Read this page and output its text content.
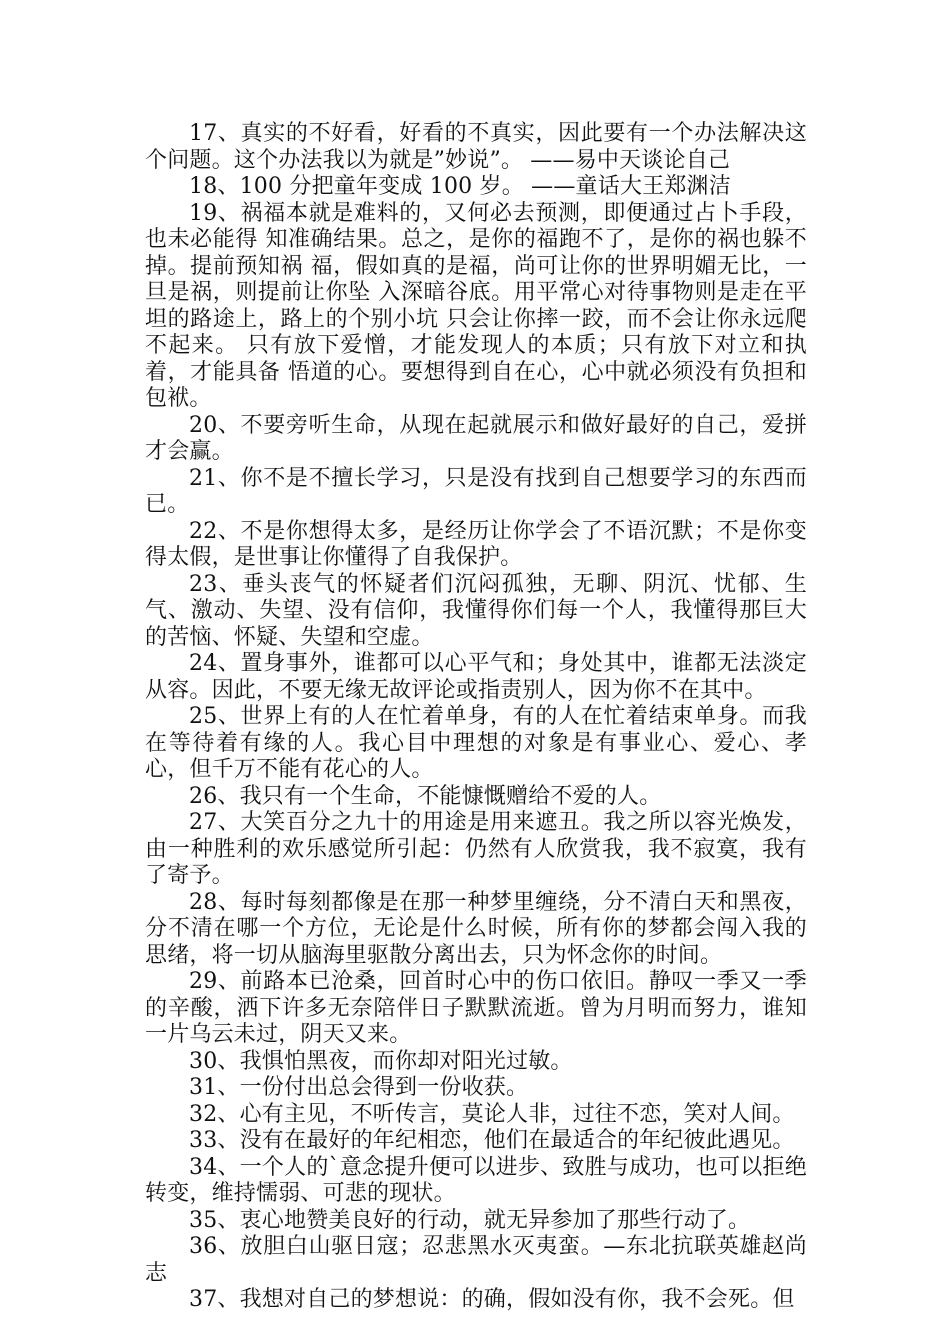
17、真实的不好看，好看的不真实，因此要有一个办法解决这个问题。这个办法我以为就是”妙说”。 ——易中天谈论自己

18、100 分把童年变成 100 岁。 ——童话大王郑渊洁

19、祸福本就是难料的，又何必去预测，即便通过占卜手段，也未必能得 知准确结果。总之，是你的福跑不了，是你的祸也躲不掉。提前预知祸 福，假如真的是福，尚可让你的世界明媚无比，一旦是祸，则提前让你坠 入深暗谷底。用平常心对待事物则是走在平坦的路途上，路上的个别小坑 只会让你摔一跤，而不会让你永远爬不起来。 只有放下爱憎，才能发现人的本质；只有放下对立和执着，才能具备 悟道的心。要想得到自在心，心中就必须没有负担和包袱。

20、不要旁听生命，从现在起就展示和做好最好的自己，爱拼才会赢。

21、你不是不擅长学习，只是没有找到自己想要学习的东西而已。

22、不是你想得太多，是经历让你学会了不语沉默；不是你变得太假，是世事让你懂得了自我保护。

23、垂头丧气的怀疑者们沉闷孤独，无聊、阴沉、忧郁、生气、激动、失望、没有信仰，我懂得你们每一个人，我懂得那巨大的苦恼、怀疑、失望和空虚。

24、置身事外，谁都可以心平气和；身处其中，谁都无法淡定从容。因此，不要无缘无故评论或指责别人，因为你不在其中。

25、世界上有的人在忙着单身，有的人在忙着结束单身。而我在等待着有缘的人。我心目中理想的对象是有事业心、爱心、孝心，但千万不能有花心的人。

26、我只有一个生命，不能慷慨赠给不爱的人。

27、大笑百分之九十的用途是用来遮丑。我之所以容光焕发，由一种胜利的欢乐感觉所引起：仍然有人欣赏我，我不寂寞，我有了寄予。

28、每时每刻都像是在那一种梦里缠绕，分不清白天和黑夜，分不清在哪一个方位，无论是什么时候，所有你的梦都会闯入我的思绪，将一切从脑海里驱散分离出去，只为怀念你的时间。

29、前路本已沧桑，回首时心中的伤口依旧。静叹一季又一季的辛酸，洒下许多无奈陪伴日子默默流逝。曾为月明而努力，谁知一片乌云未过，阴天又来。

30、我惧怕黑夜，而你却对阳光过敏。

31、一份付出总会得到一份收获。

32、心有主见，不听传言，莫论人非，过往不恋，笑对人间。

33、没有在最好的年纪相恋，他们在最适合的年纪彼此遇见。

34、一个人的`意念提升便可以进步、致胜与成功，也可以拒绝转变，维持懦弱、可悲的现状。

35、衷心地赞美良好的行动，就无异参加了那些行动了。

36、放胆白山驱日寇；忍悲黑水灭夷蛮。—东北抗联英雄赵尚志

37、我想对自己的梦想说：的确，假如没有你，我不会死。但
